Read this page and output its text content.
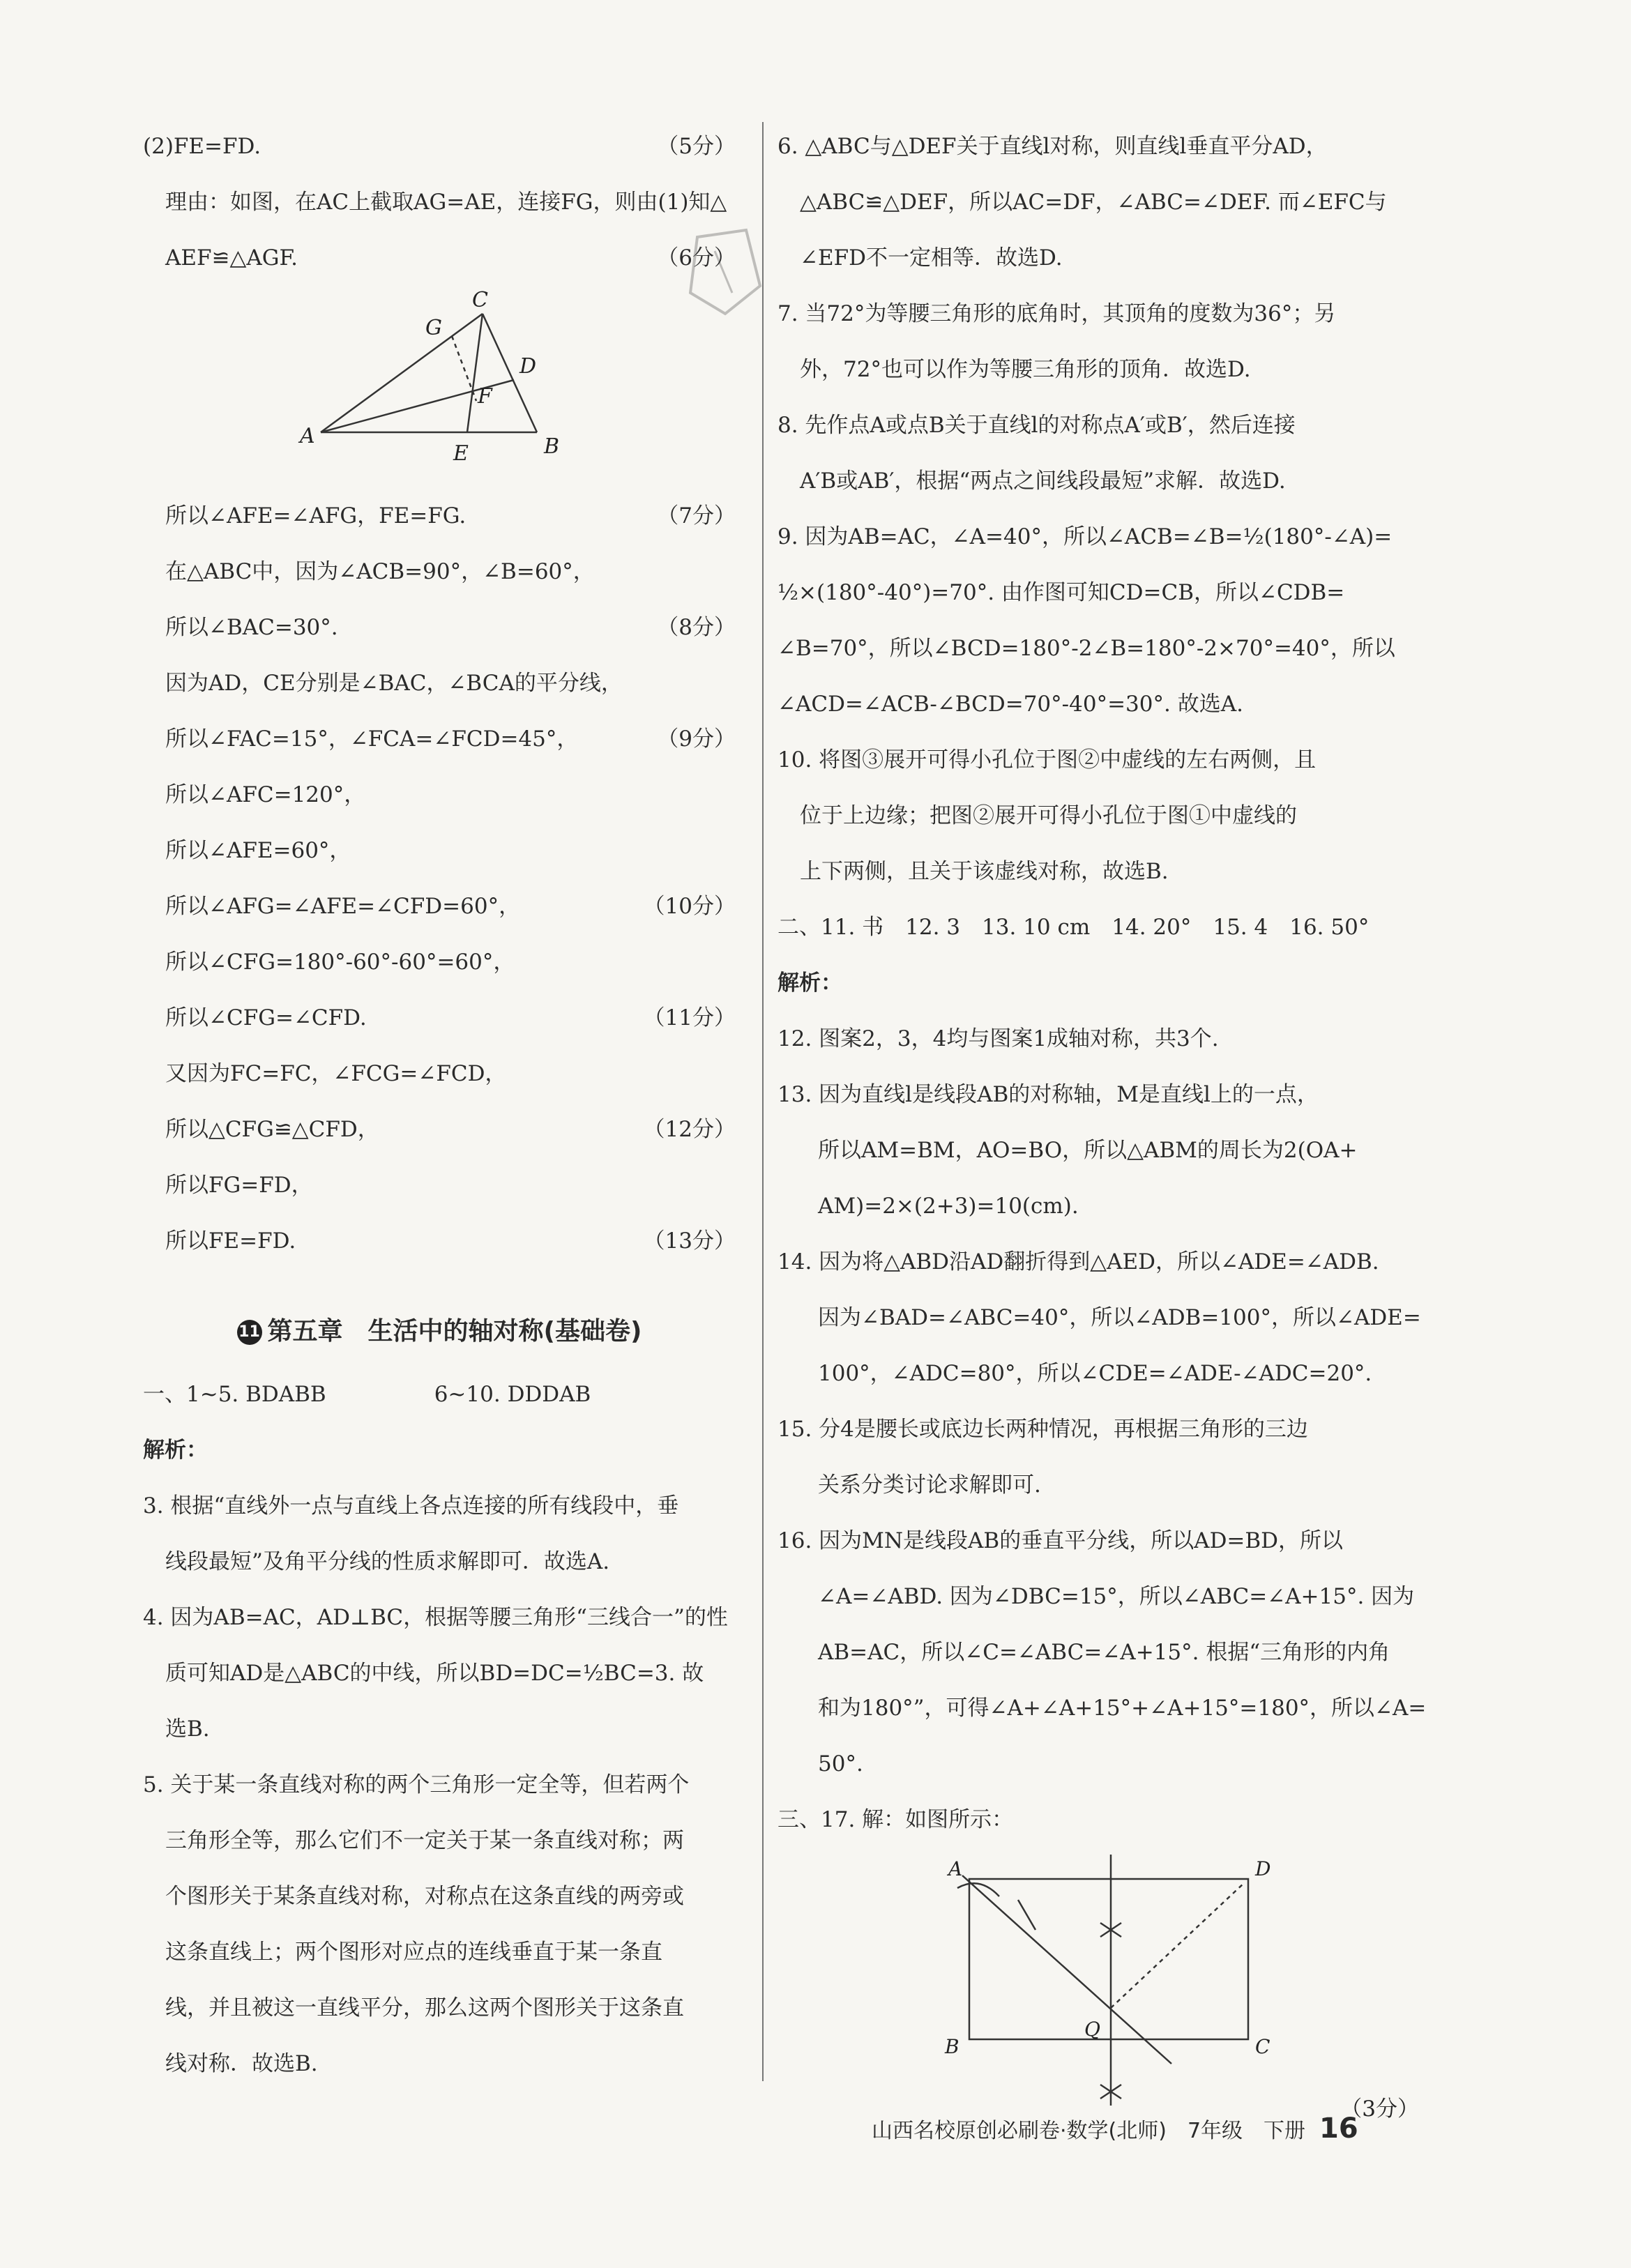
(2)FE=FD.	（5分）
理由：如图，在AC上截取AG=AE，连接FG，则由(1)知△
AEF≌△AGF.	（6分）
G
C
D
F
A
E	B
所以∠AFE=∠AFG，FE=FG.	（7分）
在△ABC中，因为∠ACB=90°，∠B=60°，
所以∠BAC=30°.	（8分）
因为AD，CE分别是∠BAC，∠BCA的平分线，
所以∠FAC=15°，∠FCA=∠FCD=45°，	（9分）
所以∠AFC=120°，
所以∠AFE=60°，
所以∠AFG=∠AFE=∠CFD=60°，	（10分）
所以∠CFG=180°-60°-60°=60°，
所以∠CFG=∠CFD.	（11分）
又因为FC=FC，∠FCG=∠FCD，
所以△CFG≌△CFD，	（12分）
所以FG=FD，
所以FE=FD.	（13分）
11 第五章　生活中的轴对称(基础卷)
一、1~5. BDABB　　　　　6~10. DDDAB
解析：
3. 根据“直线外一点与直线上各点连接的所有线段中，垂
线段最短”及角平分线的性质求解即可．故选A.
4. 因为AB=AC，AD⊥BC，根据等腰三角形“三线合一”的性
质可知AD是△ABC的中线，所以BD=DC=½BC=3. 故
选B.
5. 关于某一条直线对称的两个三角形一定全等，但若两个
三角形全等，那么它们不一定关于某一条直线对称；两
个图形关于某条直线对称，对称点在这条直线的两旁或
这条直线上；两个图形对应点的连线垂直于某一条直
线，并且被这一直线平分，那么这两个图形关于这条直
线对称．故选B.
6. △ABC与△DEF关于直线l对称，则直线l垂直平分AD，
△ABC≌△DEF，所以AC=DF，∠ABC=∠DEF. 而∠EFC与
∠EFD不一定相等．故选D.
7. 当72°为等腰三角形的底角时，其顶角的度数为36°；另
外，72°也可以作为等腰三角形的顶角．故选D.
8. 先作点A或点B关于直线l的对称点A′或B′，然后连接
A′B或AB′，根据“两点之间线段最短”求解．故选D.
9. 因为AB=AC，∠A=40°，所以∠ACB=∠B=½(180°-∠A)=
½×(180°-40°)=70°. 由作图可知CD=CB，所以∠CDB=
∠B=70°，所以∠BCD=180°-2∠B=180°-2×70°=40°，所以
∠ACD=∠ACB-∠BCD=70°-40°=30°. 故选A.
10. 将图③展开可得小孔位于图②中虚线的左右两侧，且
位于上边缘；把图②展开可得小孔位于图①中虚线的
上下两侧，且关于该虚线对称，故选B.
二、11. 书　12. 3　13. 10 cm　14. 20°　15. 4　16. 50°
解析：
12. 图案2，3，4均与图案1成轴对称，共3个.
13. 因为直线l是线段AB的对称轴，M是直线l上的一点，
所以AM=BM，AO=BO，所以△ABM的周长为2(OA+
AM)=2×(2+3)=10(cm).
14. 因为将△ABD沿AD翻折得到△AED，所以∠ADE=∠ADB.
因为∠BAD=∠ABC=40°，所以∠ADB=100°，所以∠ADE=
100°，∠ADC=80°，所以∠CDE=∠ADE-∠ADC=20°.
15. 分4是腰长或底边长两种情况，再根据三角形的三边
关系分类讨论求解即可.
16. 因为MN是线段AB的垂直平分线，所以AD=BD，所以
∠A=∠ABD. 因为∠DBC=15°，所以∠ABC=∠A+15°. 因为
AB=AC，所以∠C=∠ABC=∠A+15°. 根据“三角形的内角
和为180°”，可得∠A+∠A+15°+∠A+15°=180°，所以∠A=
50°.
三、17. 解：如图所示：
A	D
B
Q
C
（3分）
山西名校原创必刷卷·数学(北师)　7年级　下册 16
